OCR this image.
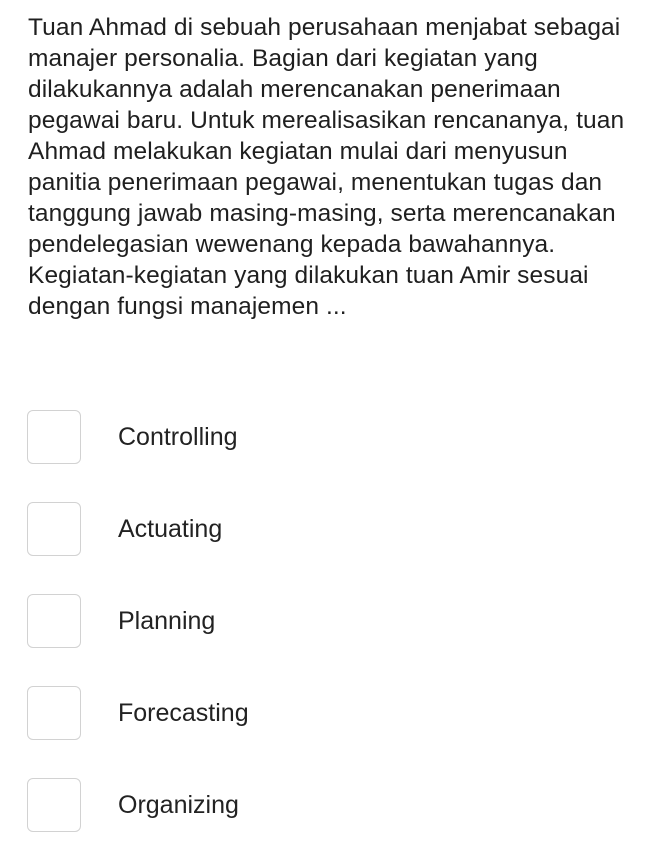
Tuan Ahmad di sebuah perusahaan menjabat sebagai manajer personalia. Bagian dari kegiatan yang dilakukannya adalah merencanakan penerimaan pegawai baru. Untuk merealisasikan rencananya, tuan Ahmad melakukan kegiatan mulai dari menyusun panitia penerimaan pegawai, menentukan tugas dan tanggung jawab masing-masing, serta merencanakan pendelegasian wewenang kepada bawahannya. Kegiatan-kegiatan yang dilakukan tuan Amir sesuai dengan fungsi manajemen ...

Controlling
Actuating
Planning
Forecasting
Organizing
